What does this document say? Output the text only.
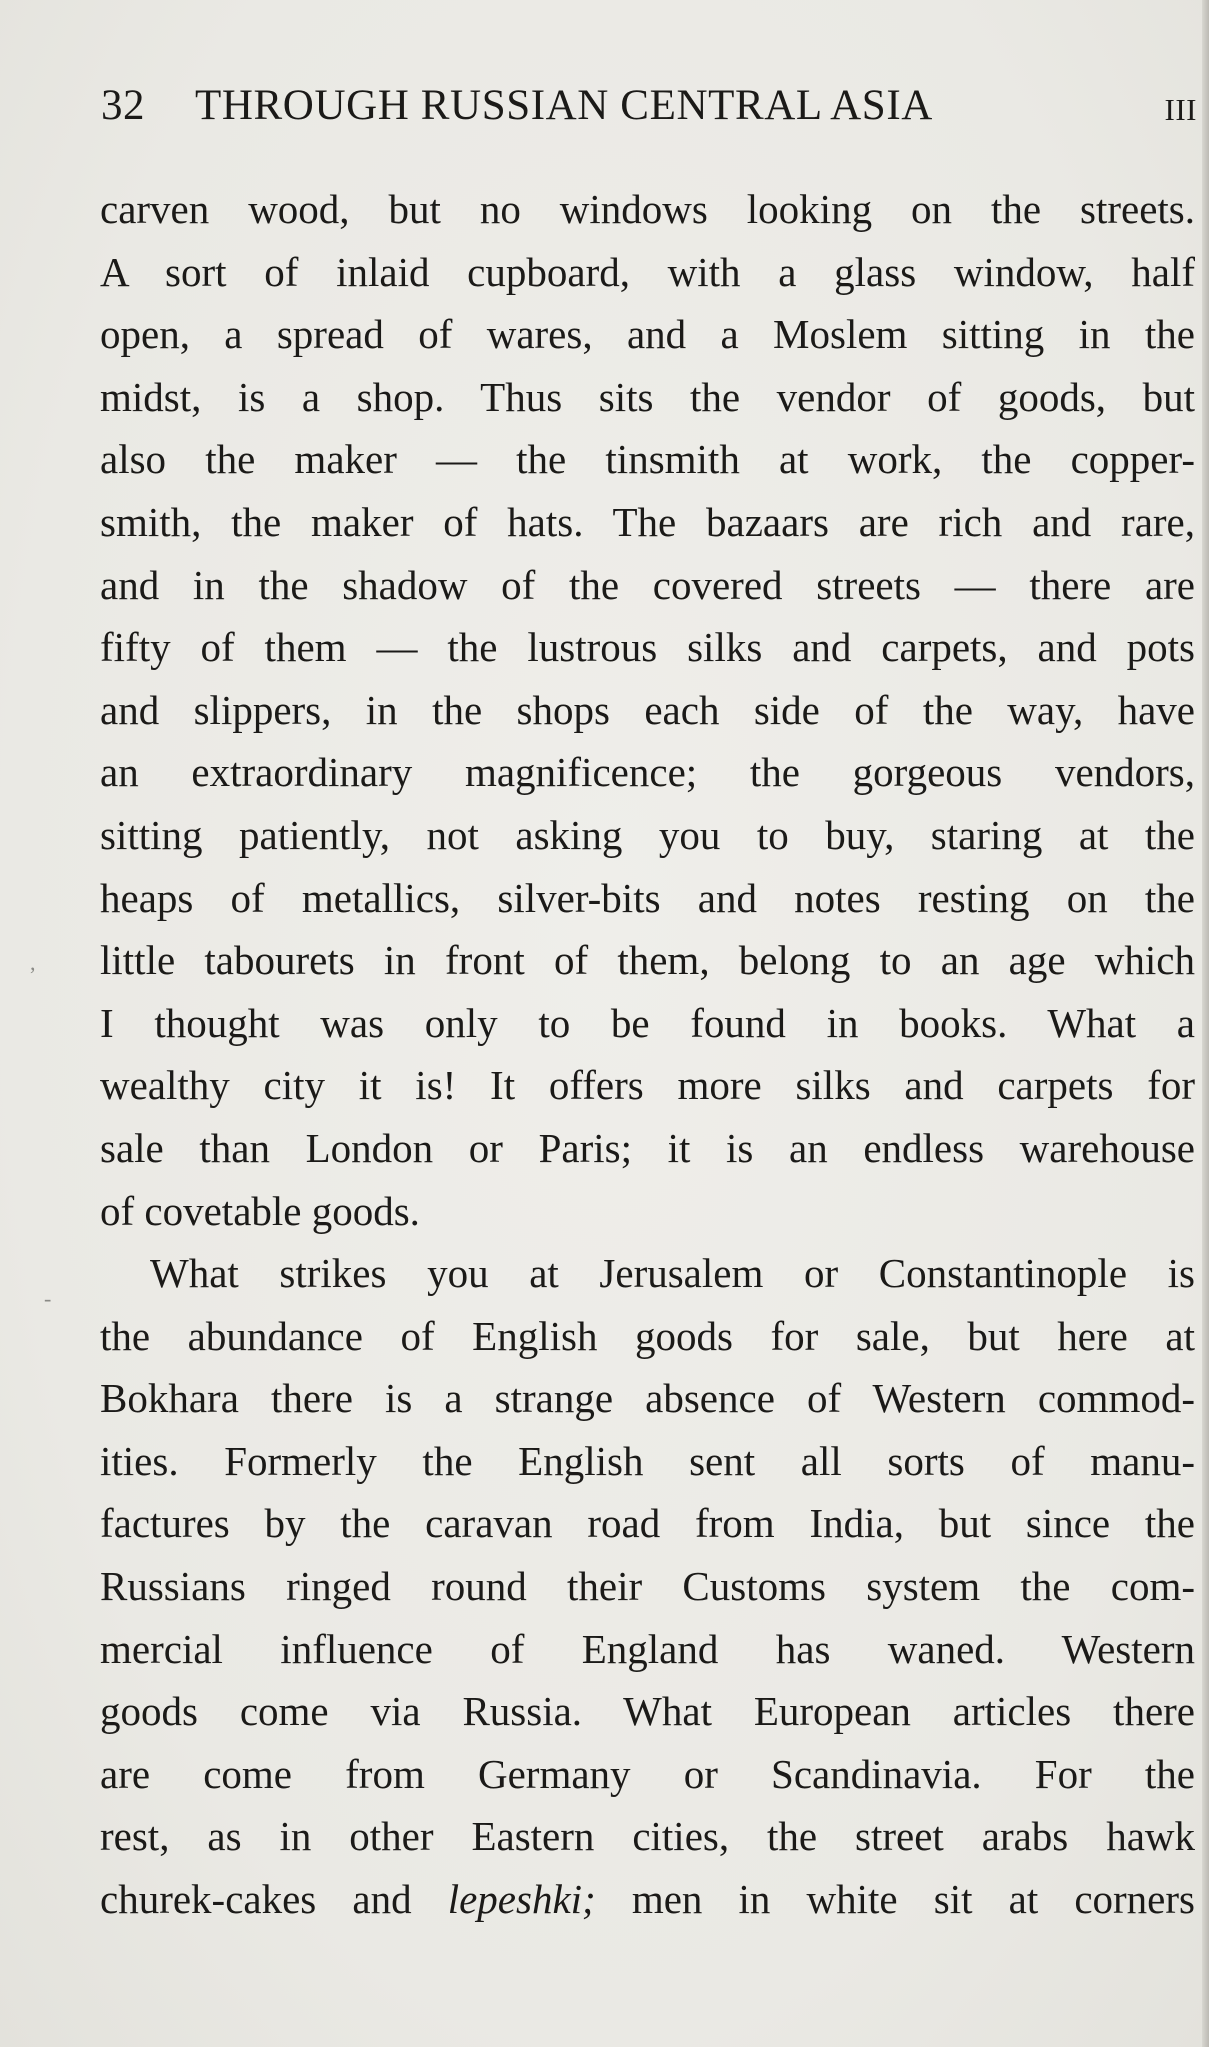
32 THROUGH RUSSIAN CENTRAL ASIA	III
,
-
carven wood, but no windows looking on the streets.
A sort of inlaid cupboard, with a glass window, half
open, a spread of wares, and a Moslem sitting in the
midst, is a shop. Thus sits the vendor of goods, but
also the maker — the tinsmith at work, the copper-
smith, the maker of hats. The bazaars are rich and rare,
and in the shadow of the covered streets — there are
fifty of them — the lustrous silks and carpets, and pots
and slippers, in the shops each side of the way, have
an extraordinary magnificence; the gorgeous vendors,
sitting patiently, not asking you to buy, staring at the
heaps of metallics, silver-bits and notes resting on the
little tabourets in front of them, belong to an age which
I thought was only to be found in books. What a
wealthy city it is! It offers more silks and carpets for
sale than London or Paris; it is an endless warehouse
of covetable goods.
What strikes you at Jerusalem or Constantinople is
the abundance of English goods for sale, but here at
Bokhara there is a strange absence of Western commod-
ities. Formerly the English sent all sorts of manu-
factures by the caravan road from India, but since the
Russians ringed round their Customs system the com-
mercial influence of England has waned. Western
goods come via Russia. What European articles there
are come from Germany or Scandinavia. For the
rest, as in other Eastern cities, the street arabs hawk
churek-cakes and lepeshki; men in white sit at corners
